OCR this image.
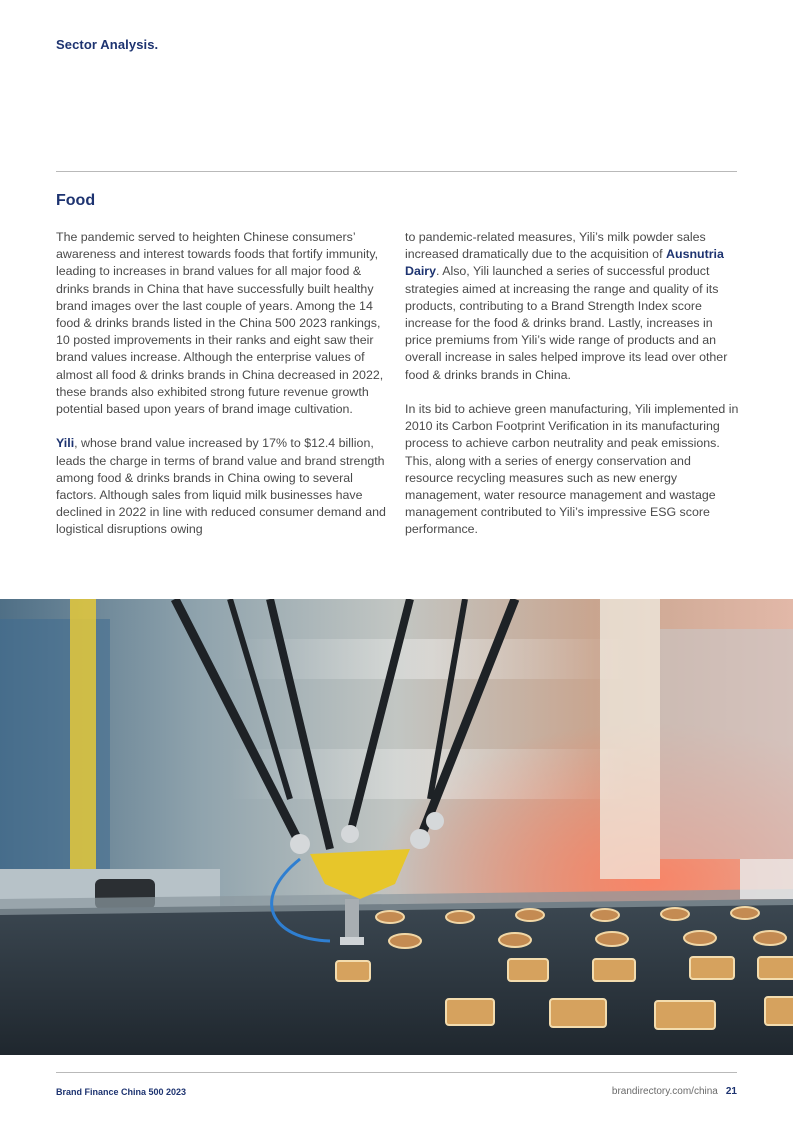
Sector Analysis.
Food

The pandemic served to heighten Chinese consumers’ awareness and interest towards foods that fortify immunity, leading to increases in brand values for all major food & drinks brands in China that have successfully built healthy brand images over the last couple of years. Among the 14 food & drinks brands listed in the China 500 2023 rankings, 10 posted improvements in their ranks and eight saw their brand values increase. Although the enterprise values of almost all food & drinks brands in China decreased in 2022, these brands also exhibited strong future revenue growth potential based upon years of brand image cultivation.

Yili, whose brand value increased by 17% to $12.4 billion, leads the charge in terms of brand value and brand strength among food & drinks brands in China owing to several factors. Although sales from liquid milk businesses have declined in 2022 in line with reduced consumer demand and logistical disruptions owing

to pandemic-related measures, Yili’s milk powder sales increased dramatically due to the acquisition of Ausnutria Dairy. Also, Yili launched a series of successful product strategies aimed at increasing the range and quality of its products, contributing to a Brand Strength Index score increase for the food & drinks brand. Lastly, increases in price premiums from Yili’s wide range of products and an overall increase in sales helped improve its lead over other food & drinks brands in China.

In its bid to achieve green manufacturing, Yili implemented in 2010 its Carbon Footprint Verification in its manufacturing process to achieve carbon neutrality and peak emissions. This, along with a series of energy conservation and resource recycling measures such as new energy management, water resource management and wastage management contributed to Yili’s impressive ESG score performance.

Brand Finance China 500 2023	brandirectory.com/china 21
